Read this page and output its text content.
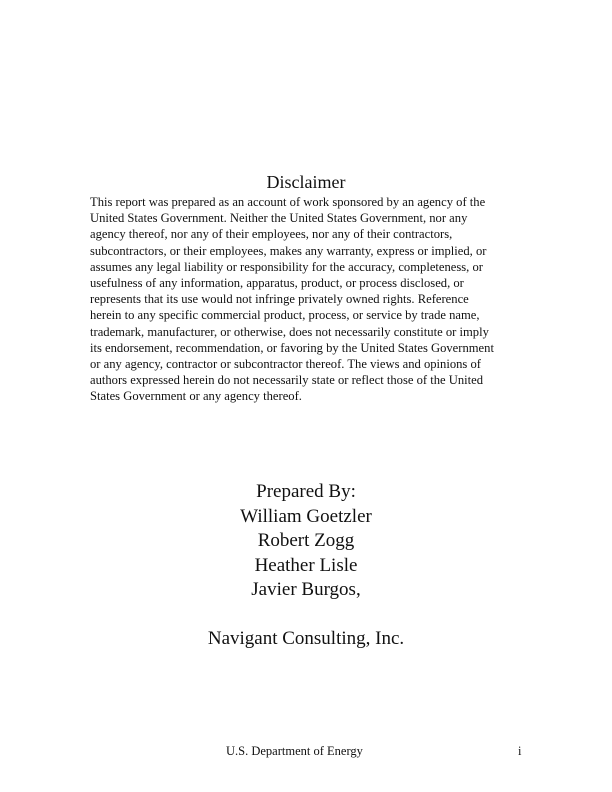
Disclaimer
This report was prepared as an account of work sponsored by an agency of the
United States Government. Neither the United States Government, nor any
agency thereof, nor any of their employees, nor any of their contractors,
subcontractors, or their employees, makes any warranty, express or implied, or
assumes any legal liability or responsibility for the accuracy, completeness, or
usefulness of any information, apparatus, product, or process disclosed, or
represents that its use would not infringe privately owned rights. Reference
herein to any specific commercial product, process, or service by trade name,
trademark, manufacturer, or otherwise, does not necessarily constitute or imply
its endorsement, recommendation, or favoring by the United States Government
or any agency, contractor or subcontractor thereof. The views and opinions of
authors expressed herein do not necessarily state or reflect those of the United
States Government or any agency thereof.
Prepared By:
William Goetzler
Robert Zogg
Heather Lisle
Javier Burgos,
Navigant Consulting, Inc.
U.S. Department of Energy	i
